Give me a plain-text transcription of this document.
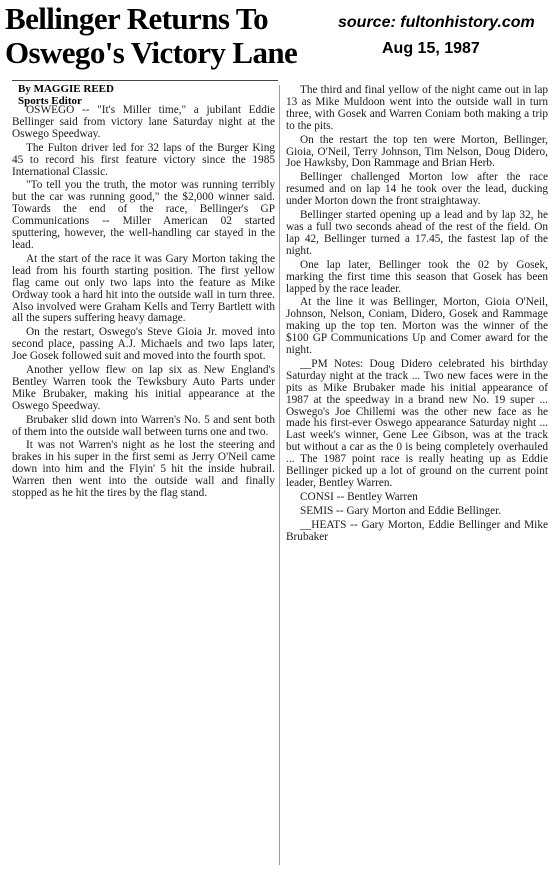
Bellinger Returns To
Oswego's Victory Lane
source: fultonhistory.com
Aug 15, 1987
By MAGGIE REED
Sports Editor

OSWEGO -- "It's Miller time," a jubilant Eddie Bellinger said from victory lane Saturday night at the Oswego Speedway.

The Fulton driver led for 32 laps of the Burger King 45 to record his first feature victory since the 1985 International Classic.

"To tell you the truth, the motor was running terribly but the car was running good," the $2,000 winner said. Towards the end of the race, Bellinger's GP Communications -- Miller American 02 started sputtering, however, the well-handling car stayed in the lead.

At the start of the race it was Gary Morton taking the lead from his fourth starting position. The first yellow flag came out only two laps into the feature as Mike Ordway took a hard hit into the outside wall in turn three. Also involved were Graham Kells and Terry Bartlett with all the supers suffering heavy damage.

On the restart, Oswego's Steve Gioia Jr. moved into second place, passing A.J. Michaels and two laps later, Joe Gosek followed suit and moved into the fourth spot.

Another yellow flew on lap six as New England's Bentley Warren took the Tewksbury Auto Parts under Mike Brubaker, making his initial appearance at the Oswego Speedway.

Brubaker slid down into Warren's No. 5 and sent both of them into the outside wall between turns one and two.

It was not Warren's night as he lost the steering and brakes in his super in the first semi as Jerry O'Neil came down into him and the Flyin' 5 hit the inside hubrail. Warren then went into the outside wall and finally stopped as he hit the tires by the flag stand.

The third and final yellow of the night came out in lap 13 as Mike Muldoon went into the outside wall in turn three, with Gosek and Warren Coniam both making a trip to the pits.

On the restart the top ten were Morton, Bellinger, Gioia, O'Neil, Terry Johnson, Tim Nelson, Doug Didero, Joe Hawksby, Don Rammage and Brian Herb.

Bellinger challenged Morton low after the race resumed and on lap 14 he took over the lead, ducking under Morton down the front straightaway.

Bellinger started opening up a lead and by lap 32, he was a full two seconds ahead of the rest of the field. On lap 42, Bellinger turned a 17.45, the fastest lap of the night.

One lap later, Bellinger took the 02 by Gosek, marking the first time this season that Gosek has been lapped by the race leader.

At the line it was Bellinger, Morton, Gioia O'Neil, Johnson, Nelson, Coniam, Didero, Gosek and Rammage making up the top ten. Morton was the winner of the $100 GP Communications Up and Comer award for the night.

__PM Notes: Doug Didero celebrated his birthday Saturday night at the track ... Two new faces were in the pits as Mike Brubaker made his initial appearance of 1987 at the speedway in a brand new No. 19 super ... Oswego's Joe Chillemi was the other new face as he made his first-ever Oswego appearance Saturday night ... Last week's winner, Gene Lee Gibson, was at the track but without a car as the 0 is being completely overhauled ... The 1987 point race is really heating up as Eddie Bellinger picked up a lot of ground on the current point leader, Bentley Warren.

CONSI -- Bentley Warren

SEMIS -- Gary Morton and Eddie Bellinger.

__HEATS -- Gary Morton, Eddie Bellinger and Mike Brubaker
